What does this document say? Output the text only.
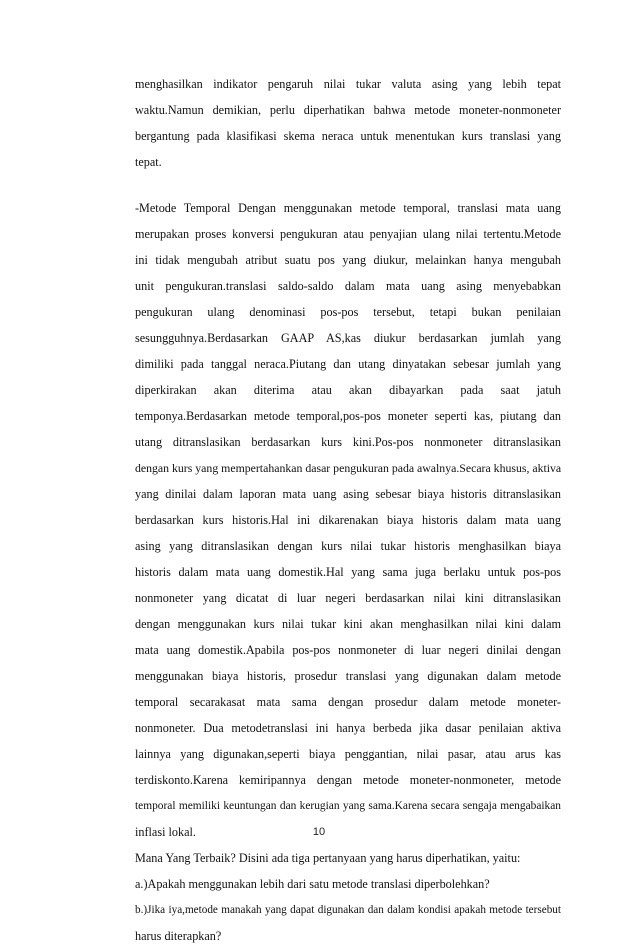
menghasilkan indikator pengaruh nilai tukar valuta asing yang lebih tepat
waktu.Namun demikian, perlu diperhatikan bahwa metode moneter-nonmoneter
bergantung pada klasifikasi skema neraca untuk menentukan kurs translasi yang
tepat.
-Metode Temporal Dengan menggunakan metode temporal, translasi mata uang
merupakan proses konversi pengukuran atau penyajian ulang nilai tertentu.Metode
ini tidak mengubah atribut suatu pos yang diukur, melainkan hanya mengubah
unit pengukuran.translasi saldo-saldo dalam mata uang asing menyebabkan
pengukuran ulang denominasi pos-pos tersebut, tetapi bukan penilaian
sesungguhnya.Berdasarkan GAAP AS,kas diukur berdasarkan jumlah yang
dimiliki pada tanggal neraca.Piutang dan utang dinyatakan sebesar jumlah yang
diperkirakan akan diterima atau akan dibayarkan pada saat jatuh
temponya.Berdasarkan metode temporal,pos-pos moneter seperti kas, piutang dan
utang ditranslasikan berdasarkan kurs kini.Pos-pos nonmoneter ditranslasikan
dengan kurs yang mempertahankan dasar pengukuran pada awalnya.Secara khusus, aktiva
yang dinilai dalam laporan mata uang asing sebesar biaya historis ditranslasikan
berdasarkan kurs historis.Hal ini dikarenakan biaya historis dalam mata uang
asing yang ditranslasikan dengan kurs nilai tukar historis menghasilkan biaya
historis dalam mata uang domestik.Hal yang sama juga berlaku untuk pos-pos
nonmoneter yang dicatat di luar negeri berdasarkan nilai kini ditranslasikan
dengan menggunakan kurs nilai tukar kini akan menghasilkan nilai kini dalam
mata uang domestik.Apabila pos-pos nonmoneter di luar negeri dinilai dengan
menggunakan biaya historis, prosedur translasi yang digunakan dalam metode
temporal secarakasat mata sama dengan prosedur dalam metode moneter-
nonmoneter. Dua metodetranslasi ini hanya berbeda jika dasar penilaian aktiva
lainnya yang digunakan,seperti biaya penggantian, nilai pasar, atau arus kas
terdiskonto.Karena kemiripannya dengan metode moneter-nonmoneter, metode
temporal memiliki keuntungan dan kerugian yang sama.Karena secara sengaja mengabaikan
inflasi lokal.
Mana Yang Terbaik? Disini ada tiga pertanyaan yang harus diperhatikan, yaitu:
a.)Apakah menggunakan lebih dari satu metode translasi diperbolehkan?
b.)Jika iya,metode manakah yang dapat digunakan dan dalam kondisi apakah metode tersebut
harus diterapkan?
10
